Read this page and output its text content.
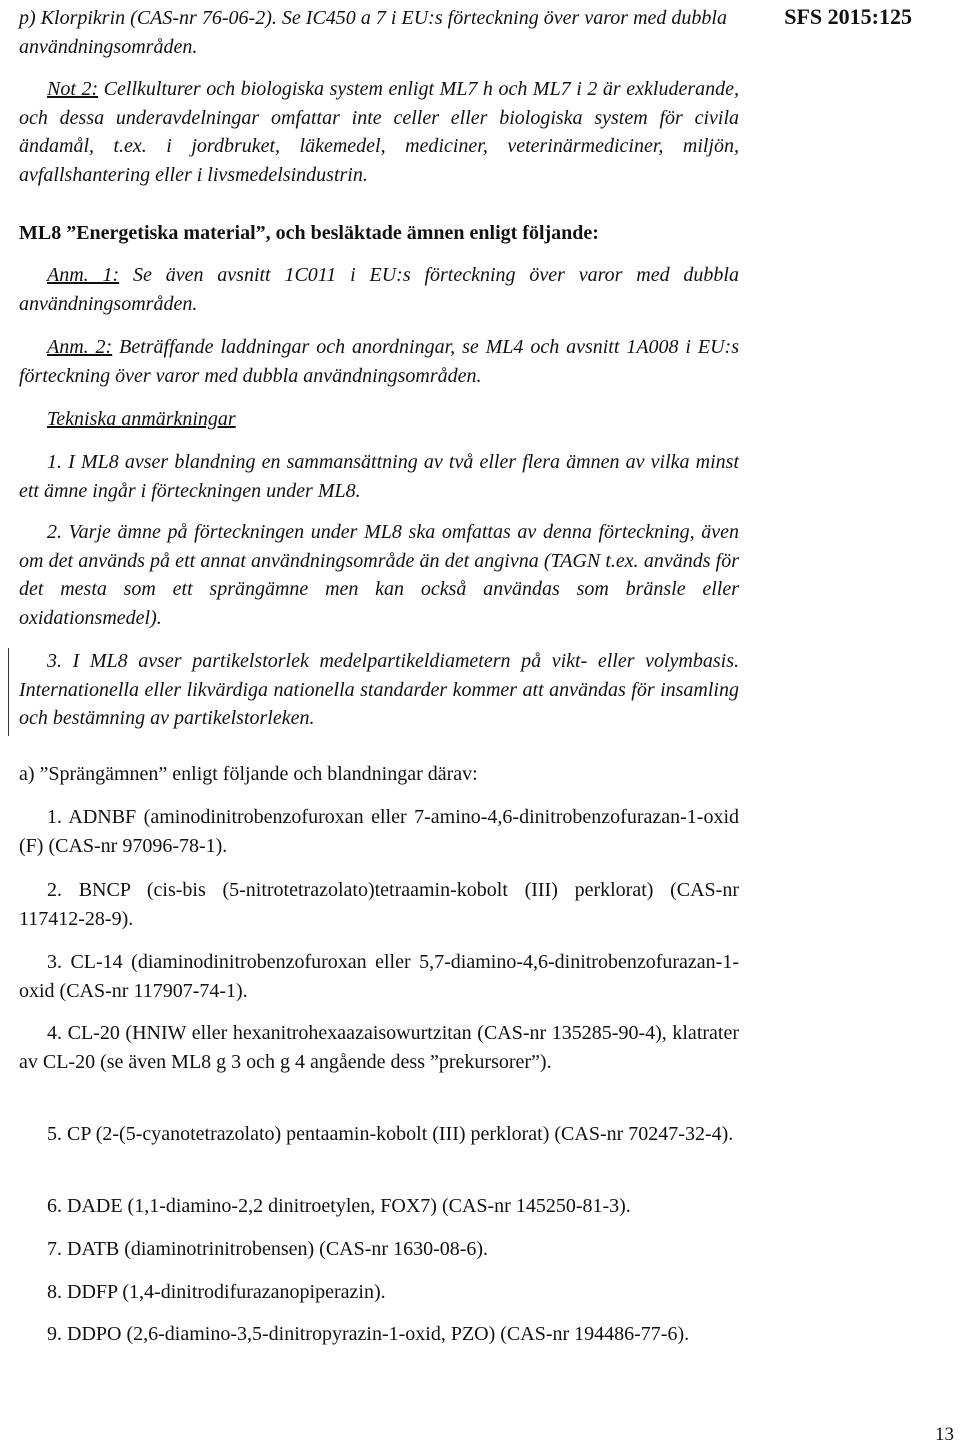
SFS 2015:125

p) Klorpikrin (CAS-nr 76-06-2). Se IC450 a 7 i EU:s förteckning över varor med dubbla användningsområden.

Not 2: Cellkulturer och biologiska system enligt ML7 h och ML7 i 2 är exkluderande, och dessa underavdelningar omfattar inte celler eller biologiska system för civila ändamål, t.ex. i jordbruket, läkemedel, mediciner, veterinärmediciner, miljön, avfallshantering eller i livsmedelsindustrin.

ML8 ”Energetiska material”, och besläktade ämnen enligt följande:

Anm. 1: Se även avsnitt 1C011 i EU:s förteckning över varor med dubbla användningsområden.

Anm. 2: Beträffande laddningar och anordningar, se ML4 och avsnitt 1A008 i EU:s förteckning över varor med dubbla användningsområden.

Tekniska anmärkningar

1. I ML8 avser blandning en sammansättning av två eller flera ämnen av vilka minst ett ämne ingår i förteckningen under ML8.

2. Varje ämne på förteckningen under ML8 ska omfattas av denna förteckning, även om det används på ett annat användningsområde än det angivna (TAGN t.ex. används för det mesta som ett sprängämne men kan också användas som bränsle eller oxidationsmedel).

3. I ML8 avser partikelstorlek medelpartikeldiametern på vikt- eller volymbasis. Internationella eller likvärdiga nationella standarder kommer att användas för insamling och bestämning av partikelstorleken.

a) ”Sprängämnen” enligt följande och blandningar därav:

1. ADNBF (aminodinitrobenzofuroxan eller 7-amino-4,6-dinitrobenzofurazan-1-oxid (F) (CAS-nr 97096-78-1).

2. BNCP (cis-bis (5-nitrotetrazolato)tetraamin-kobolt (III) perklorat) (CAS-nr 117412-28-9).

3. CL-14 (diaminodinitrobenzofuroxan eller 5,7-diamino-4,6-dinitrobenzofurazan-1-oxid (CAS-nr 117907-74-1).

4. CL-20 (HNIW eller hexanitrohexaazaisowurtzitan (CAS-nr 135285-90-4), klatrater av CL-20 (se även ML8 g 3 och g 4 angående dess ”prekursorer”).

5. CP (2-(5-cyanotetrazolato) pentaamin-kobolt (III) perklorat) (CAS-nr 70247-32-4).

6. DADE (1,1-diamino-2,2 dinitroetylen, FOX7) (CAS-nr 145250-81-3).

7. DATB (diaminotrinitrobensen) (CAS-nr 1630-08-6).

8. DDFP (1,4-dinitrodifurazanopiperazin).

9. DDPO (2,6-diamino-3,5-dinitropyrazin-1-oxid, PZO) (CAS-nr 194486-77-6).

13
